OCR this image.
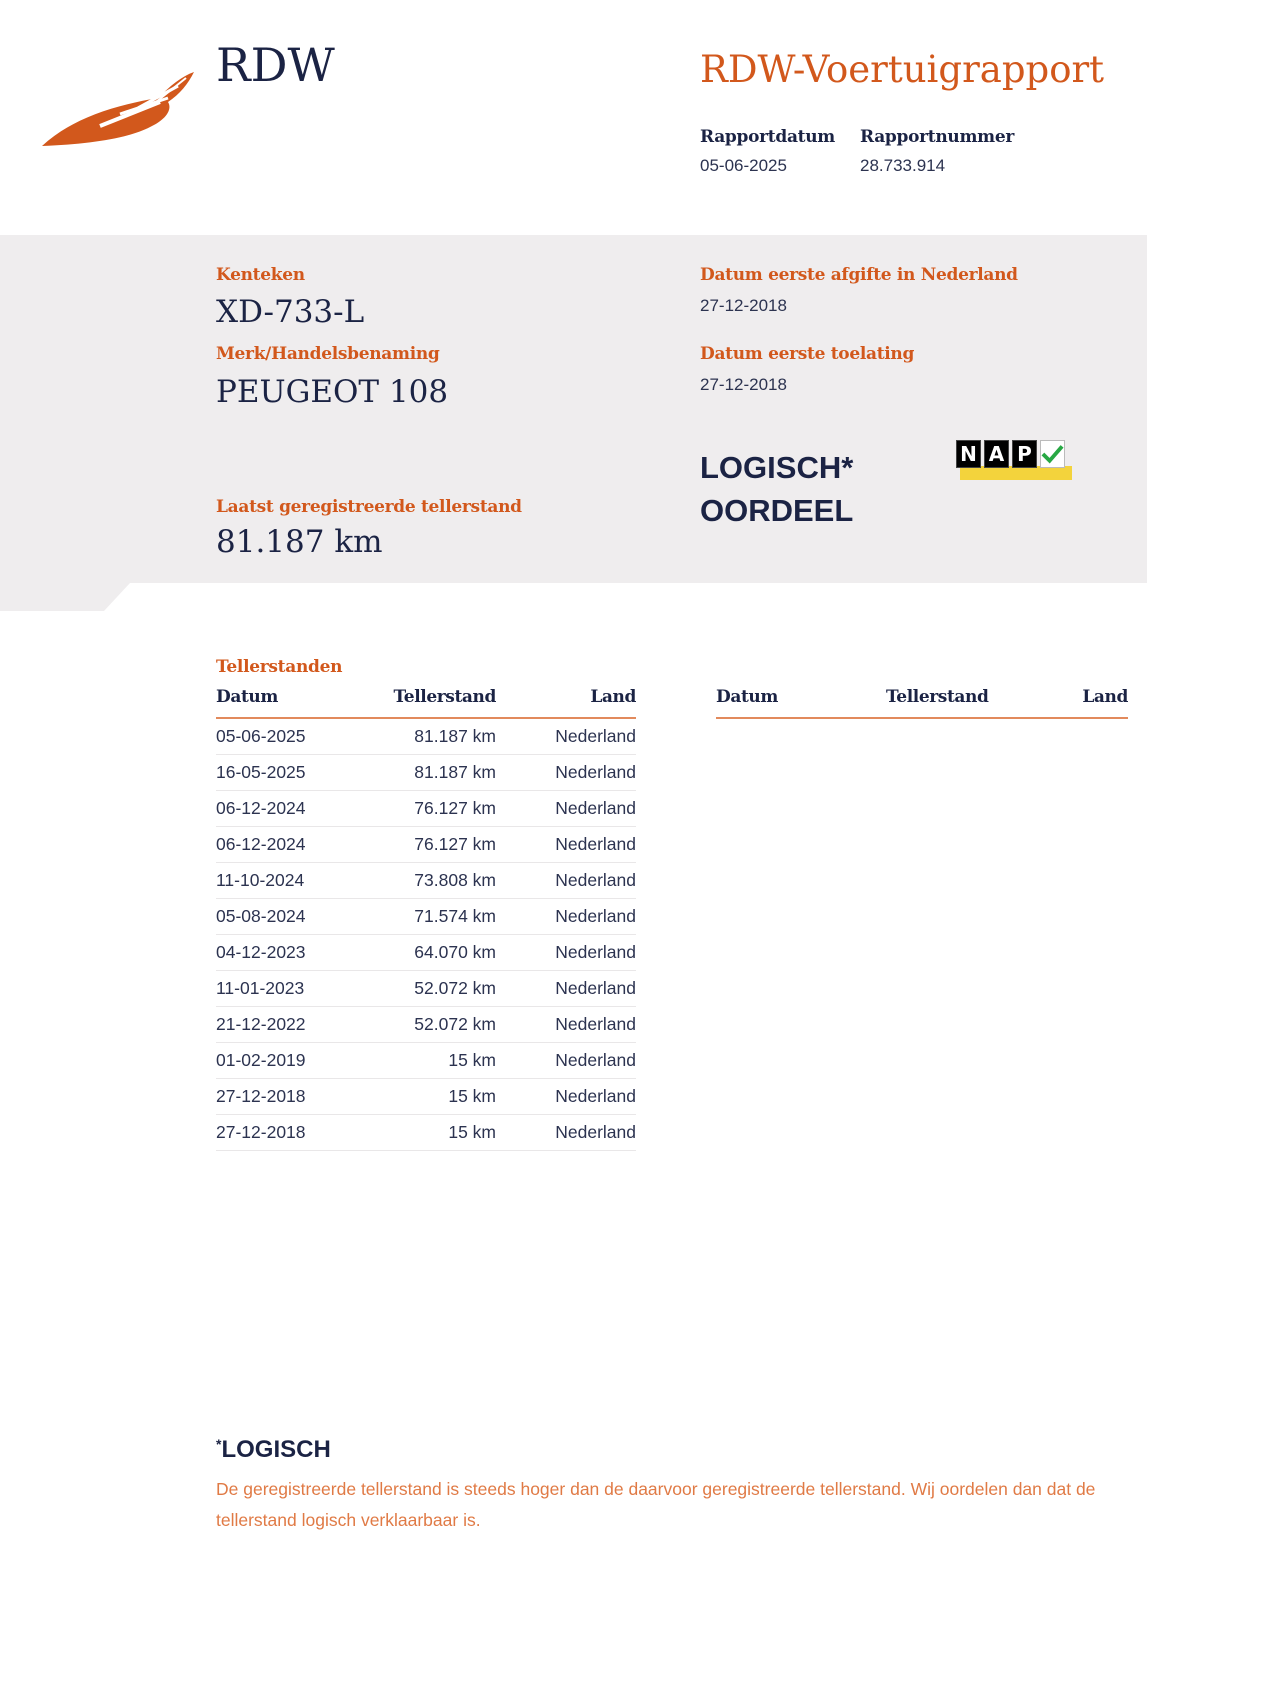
RDW	RDW-Voertuigrapport
Rapportdatum
05-06-2025
Rapportnummer
28.733.914
Kenteken
XD-733-L
Merk/Handelsbenaming
PEUGEOT 108
Laatst geregistreerde tellerstand
81.187 km
Datum eerste afgifte in Nederland
27-12-2018
Datum eerste toelating
27-12-2018
LOGISCH*
OORDEEL
N A P
Tellerstanden
Datum	Tellerstand	Land
05-06-2025	81.187 km	Nederland
16-05-2025	81.187 km	Nederland
06-12-2024	76.127 km	Nederland
06-12-2024	76.127 km	Nederland
11-10-2024	73.808 km	Nederland
05-08-2024	71.574 km	Nederland
04-12-2023	64.070 km	Nederland
11-01-2023	52.072 km	Nederland
21-12-2022	52.072 km	Nederland
01-02-2019	15 km	Nederland
27-12-2018	15 km	Nederland
27-12-2018	15 km	Nederland
Datum	Tellerstand	Land
*LOGISCH
De geregistreerde tellerstand is steeds hoger dan de daarvoor geregistreerde tellerstand. Wij oordelen dan dat de tellerstand logisch verklaarbaar is.
